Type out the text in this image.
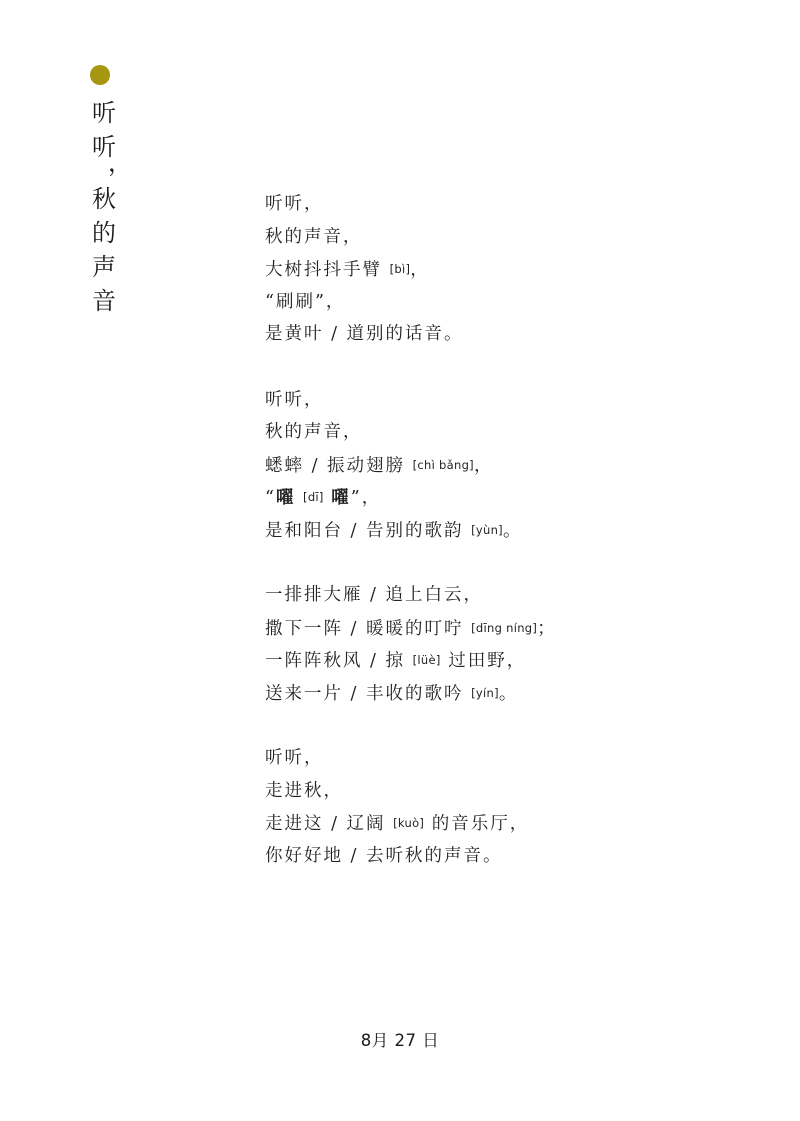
听
听
，
秋
的
声
音
听听，
秋的声音，
大树抖抖手臂 [bì]，
“刷刷”，
是黄叶 / 道别的话音。
听听，
秋的声音，
蟋蟀 / 振动翅膀 [chì bǎng]，
“嚁 [dī] 嚁”，
是和阳台 / 告别的歌韵 [yùn]。
一排排大雁 / 追上白云，
撒下一阵 / 暖暖的叮咛 [dīng níng]；
一阵阵秋风 / 掠 [lüè] 过田野，
送来一片 / 丰收的歌吟 [yín]。
听听，
走进秋，
走进这 / 辽阔 [kuò] 的音乐厅，
你好好地 / 去听秋的声音。
8月 27 日
